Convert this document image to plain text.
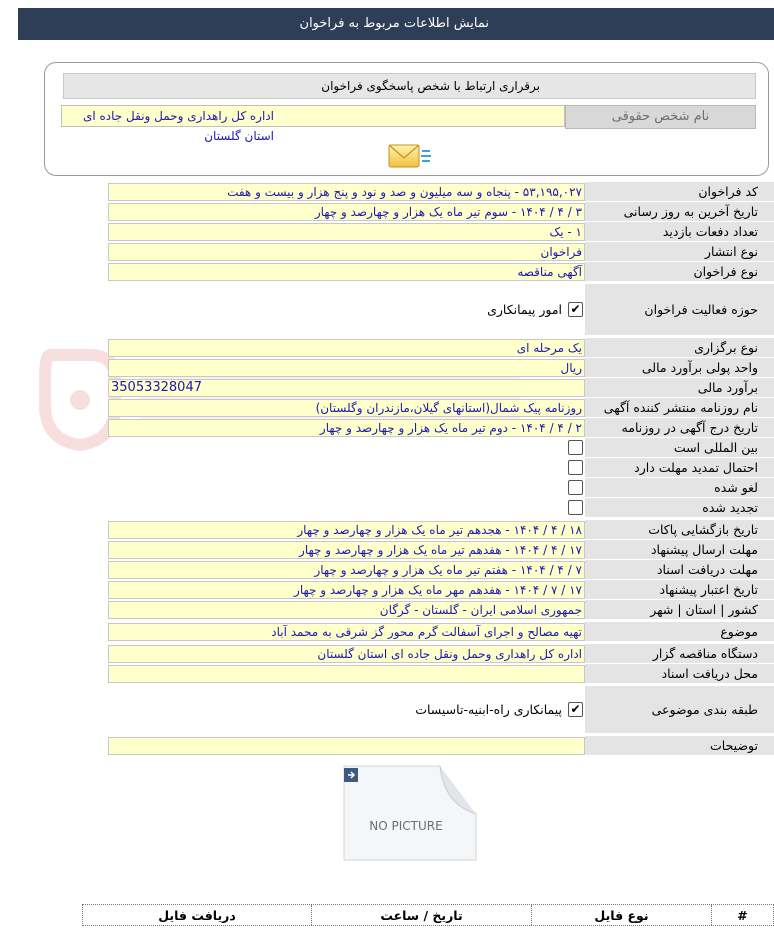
نمایش اطلاعات مربوط به فراخوان
برقراری ارتباط با شخص پاسخگوی فراخوان
نام شخص حقوقی
اداره کل راهداری وحمل ونقل جاده ای استان گلستان
کد فراخوان
۵۳,۱۹۵,۰۲۷ - پنجاه و سه میلیون و صد و نود و پنج هزار و بیست و هفت
تاریخ آخرین به روز رسانی
۳ / ۴ / ۱۴۰۴ - سوم تیر ماه یک هزار و چهارصد و چهار
تعداد دفعات بازدید
۱ - یک
نوع انتشار
فراخوان
نوع فراخوان
آگهی مناقصه
حوزه فعالیت فراخوان
✔
امور پیمانکاری
نوع برگزاری
یک مرحله ای
واحد پولی برآورد مالی
ریال
برآورد مالی
35053328047
نام روزنامه منتشر کننده آگهی
روزنامه پیک شمال(استانهای گیلان،مازندران وگلستان)
تاریخ درج آگهی در روزنامه
۲ / ۴ / ۱۴۰۴ - دوم تیر ماه یک هزار و چهارصد و چهار
بین المللی است
احتمال تمدید مهلت دارد
لغو شده
تجدید شده
تاریخ بازگشایی پاکات
۱۸ / ۴ / ۱۴۰۴ - هجدهم تیر ماه یک هزار و چهارصد و چهار
مهلت ارسال پیشنهاد
۱۷ / ۴ / ۱۴۰۴ - هفدهم تیر ماه یک هزار و چهارصد و چهار
مهلت دریافت اسناد
۷ / ۴ / ۱۴۰۴ - هفتم تیر ماه یک هزار و چهارصد و چهار
تاریخ اعتبار پیشنهاد
۱۷ / ۷ / ۱۴۰۴ - هفدهم مهر ماه یک هزار و چهارصد و چهار
کشور | استان | شهر
جمهوری اسلامی ایران - گلستان - گرگان
موضوع
تهیه مصالح و اجرای آسفالت گرم محور گز شرقی به محمد آباد
دستگاه مناقصه گزار
اداره کل راهداری وحمل ونقل جاده ای استان گلستان
محل دریافت اسناد
طبقه بندی موضوعی
✔
پیمانکاری راه-ابنیه-تاسیسات
توضیحات
NO PICTURE
#
نوع فایل
تاریخ / ساعت
دریافت فایل
